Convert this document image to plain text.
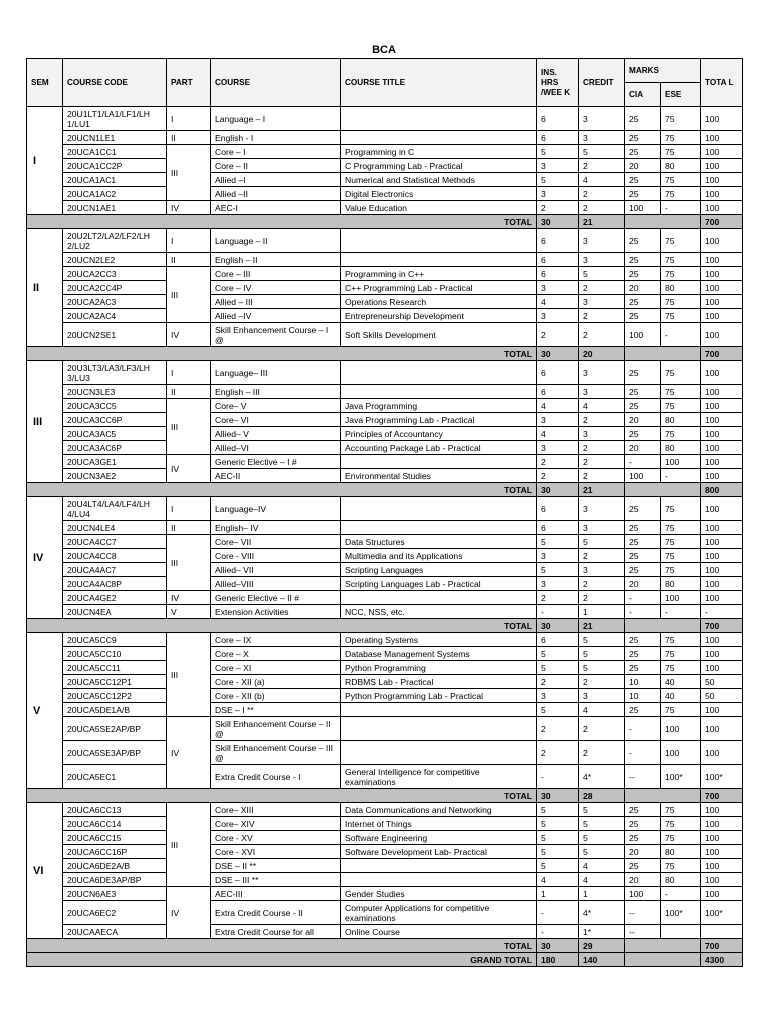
BCA
SEM	COURSE CODE	PART	COURSE	COURSE TITLE	INS. HRS /WEE K	CREDIT	MARKS		TOTA L
							CIA	ESE	
I	20U1LT1/LA1/LF1/LH 1/LU1	I	Language – I		6	3	25	75	100
	20UCN1LE1	II	English - I		6	3	25	75	100
	20UCA1CC1	III	Core – I	Programming in C	5	5	25	75	100
	20UCA1CC2P		Core – II	C Programming Lab - Practical	3	2	20	80	100
	20UCA1AC1		Allied –I	Numerical and Statistical Methods	5	4	25	75	100
	20UCA1AC2		Allied –II	Digital Electronics	3	2	25	75	100
	20UCN1AE1	IV	AEC-I	Value Education	2	2	100	-	100
TOTAL					30	21			700
II	20U2LT2/LA2/LF2/LH 2/LU2	I	Language – II		6	3	25	75	100
	20UCN2LE2	II	English – II		6	3	25	75	100
	20UCA2CC3	III	Core – III	Programming in C++	6	5	25	75	100
	20UCA2CC4P		Core – IV	C++ Programming Lab - Practical	3	2	20	80	100
	20UCA2AC3		Allied – III	Operations Research	4	3	25	75	100
	20UCA2AC4		Allied –IV	Entrepreneurship Development	3	2	25	75	100
	20UCN2SE1	IV	Skill Enhancement Course – I @	Soft Skills Development	2	2	100	-	100
TOTAL					30	20			700
III	20U3LT3/LA3/LF3/LH 3/LU3	I	Language– III		6	3	25	75	100
	20UCN3LE3	II	English – III		6	3	25	75	100
	20UCA3CC5	III	Core– V	Java Programming	4	4	25	75	100
	20UCA3CC6P		Core– VI	Java Programming Lab - Practical	3	2	20	80	100
	20UCA3AC5		Allied– V	Principles of Accountancy	4	3	25	75	100
	20UCA3AC6P		Allied–VI	Accounting Package Lab - Practical	3	2	20	80	100
	20UCA3GE1	IV	Generic Elective – I #		2	2	-	100	100
	20UCN3AE2		AEC-II	Environmental Studies	2	2	100	-	100
TOTAL					30	21			800
IV	20U4LT4/LA4/LF4/LH 4/LU4	I	Language–IV		6	3	25	75	100
	20UCN4LE4	II	English– IV		6	3	25	75	100
	20UCA4CC7	III	Core– VII	Data Structures	5	5	25	75	100
	20UCA4CC8		Core - VIII	Multimedia and its Applications	3	2	25	75	100
	20UCA4AC7		Allied– VII	Scripting Languages	5	3	25	75	100
	20UCA4AC8P		Allied–VIII	Scripting Languages Lab - Practical	3	2	20	80	100
	20UCA4GE2	IV	Generic Elective – II #		2	2	-	100	100
	20UCN4EA	V	Extension Activities	NCC, NSS, etc.	-	1	-	-	-
TOTAL					30	21			700
V	20UCA5CC9	III	Core – IX	Operating Systems	6	5	25	75	100
	20UCA5CC10		Core – X	Database Management Systems	5	5	25	75	100
	20UCA5CC11		Core – XI	Python Programming	5	5	25	75	100
	20UCA5CC12P1		Core - XII (a)	RDBMS Lab - Practical	2	2	10	40	50
	20UCA5CC12P2		Core - XII (b)	Python Programming Lab - Practical	3	3	10	40	50
	20UCA5DE1A/B		DSE – I **		5	4	25	75	100
	20UCA5SE2AP/BP	IV	Skill Enhancement Course – II @		2	2	-	100	100
	20UCA5SE3AP/BP		Skill Enhancement Course – III @		2	2	-	100	100
	20UCA5EC1		Extra Credit Course - I	General Intelligence for competitive examinations	-	4*	--	100*	100*
TOTAL					30	28			700
VI	20UCA6CC13	III	Core– XIII	Data Communications and Networking	5	5	25	75	100
	20UCA6CC14		Core– XIV	Internet of Things	5	5	25	75	100
	20UCA6CC15		Core - XV	Software Engineering	5	5	25	75	100
	20UCA6CC16P		Core - XVI	Software Development Lab- Practical	5	5	20	80	100
	20UCA6DE2A/B		DSE – II **		5	4	25	75	100
	20UCA6DE3AP/BP		DSE – III **		4	4	20	80	100
	20UCN6AE3	IV	AEC-III	Gender Studies	1	1	100	-	100
	20UCA6EC2		Extra Credit Course - II	Computer Applications for competitive examinations	-	4*	--	100*	100*
	20UCAAECA		Extra Credit Course for all	Online Course	-	1*	--		
TOTAL					30	29			700
GRAND TOTAL					180	140			4300
